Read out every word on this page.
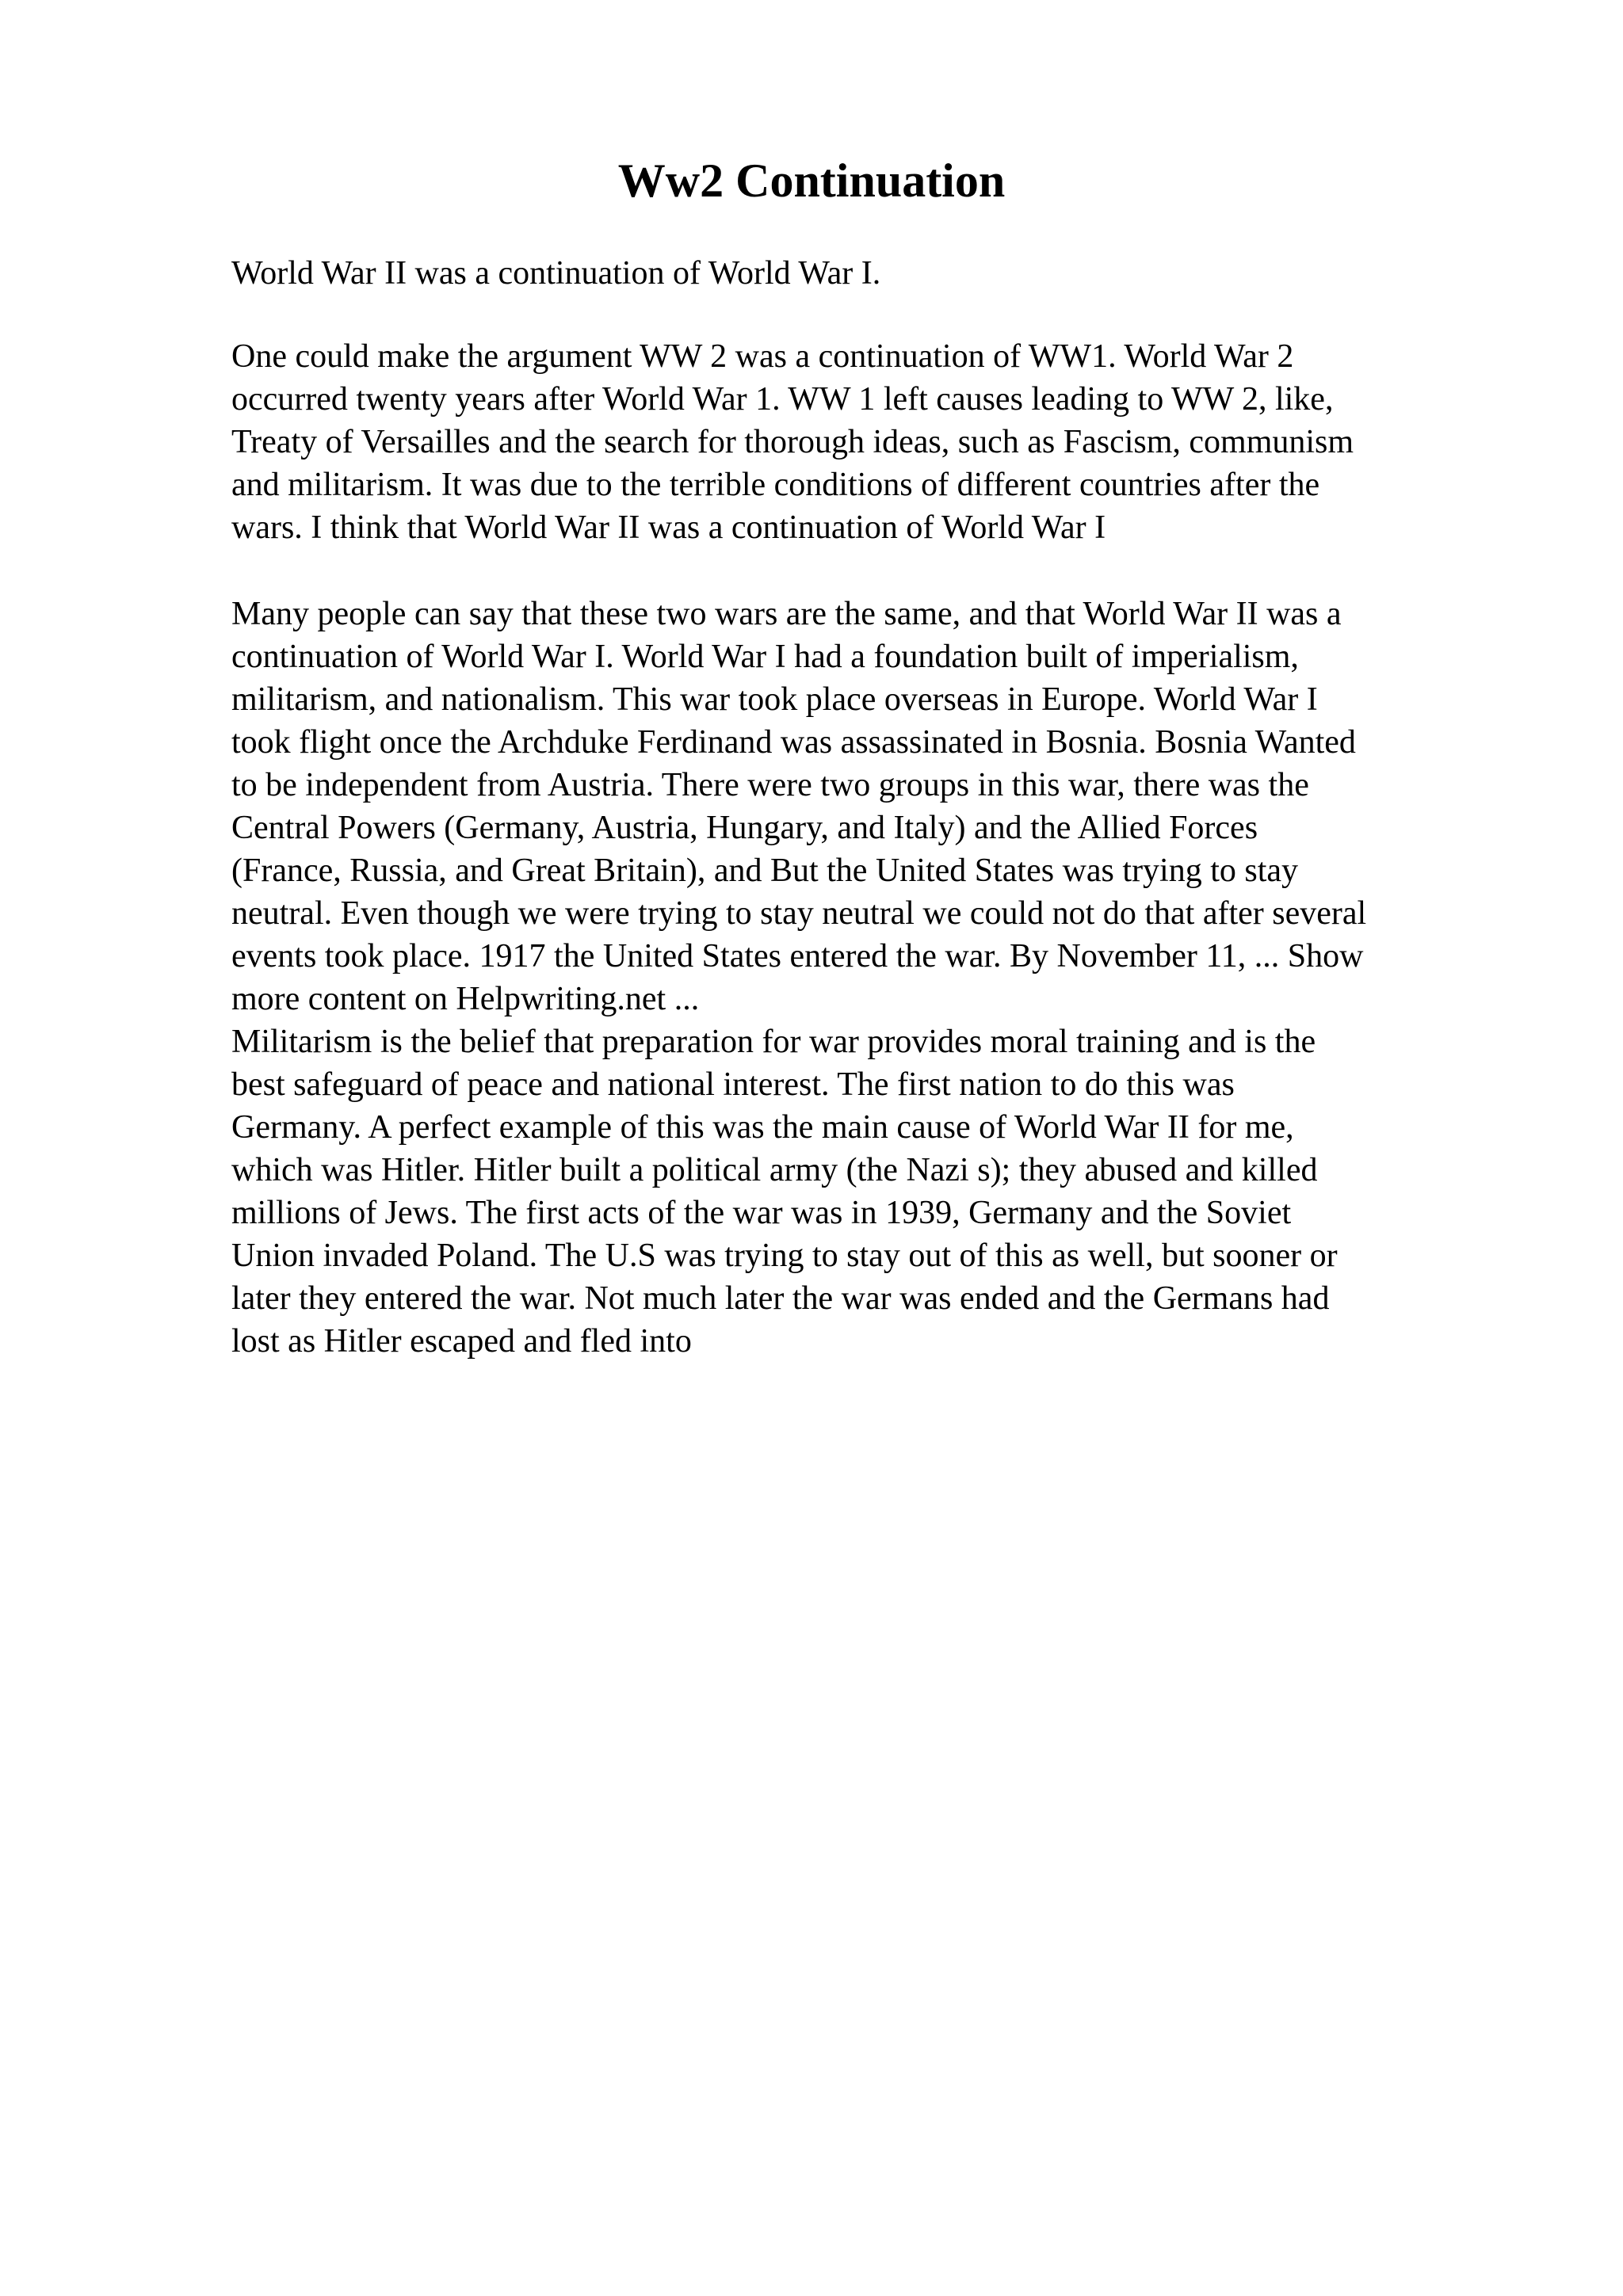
Ww2 Continuation

World War II was a continuation of World War I.

One could make the argument WW 2 was a continuation of WW1. World War 2

occurred twenty years after World War 1. WW 1 left causes leading to WW 2, like,

Treaty of Versailles and the search for thorough ideas, such as Fascism, communism

and militarism. It was due to the terrible conditions of different countries after the

wars. I think that World War II was a continuation of World War I

Many people can say that these two wars are the same, and that World War II was a

continuation of World War I. World War I had a foundation built of imperialism,

militarism, and nationalism. This war took place overseas in Europe. World War I

took flight once the Archduke Ferdinand was assassinated in Bosnia. Bosnia Wanted

to be independent from Austria. There were two groups in this war, there was the

Central Powers (Germany, Austria, Hungary, and Italy) and the Allied Forces

(France, Russia, and Great Britain), and But the United States was trying to stay

neutral. Even though we were trying to stay neutral we could not do that after several

events took place. 1917 the United States entered the war. By November 11, ... Show

more content on Helpwriting.net ...

Militarism is the belief that preparation for war provides moral training and is the

best safeguard of peace and national interest. The first nation to do this was

Germany. A perfect example of this was the main cause of World War II for me,

which was Hitler. Hitler built a political army (the Nazi s); they abused and killed

millions of Jews. The first acts of the war was in 1939, Germany and the Soviet

Union invaded Poland. The U.S was trying to stay out of this as well, but sooner or

later they entered the war. Not much later the war was ended and the Germans had

lost as Hitler escaped and fled into
